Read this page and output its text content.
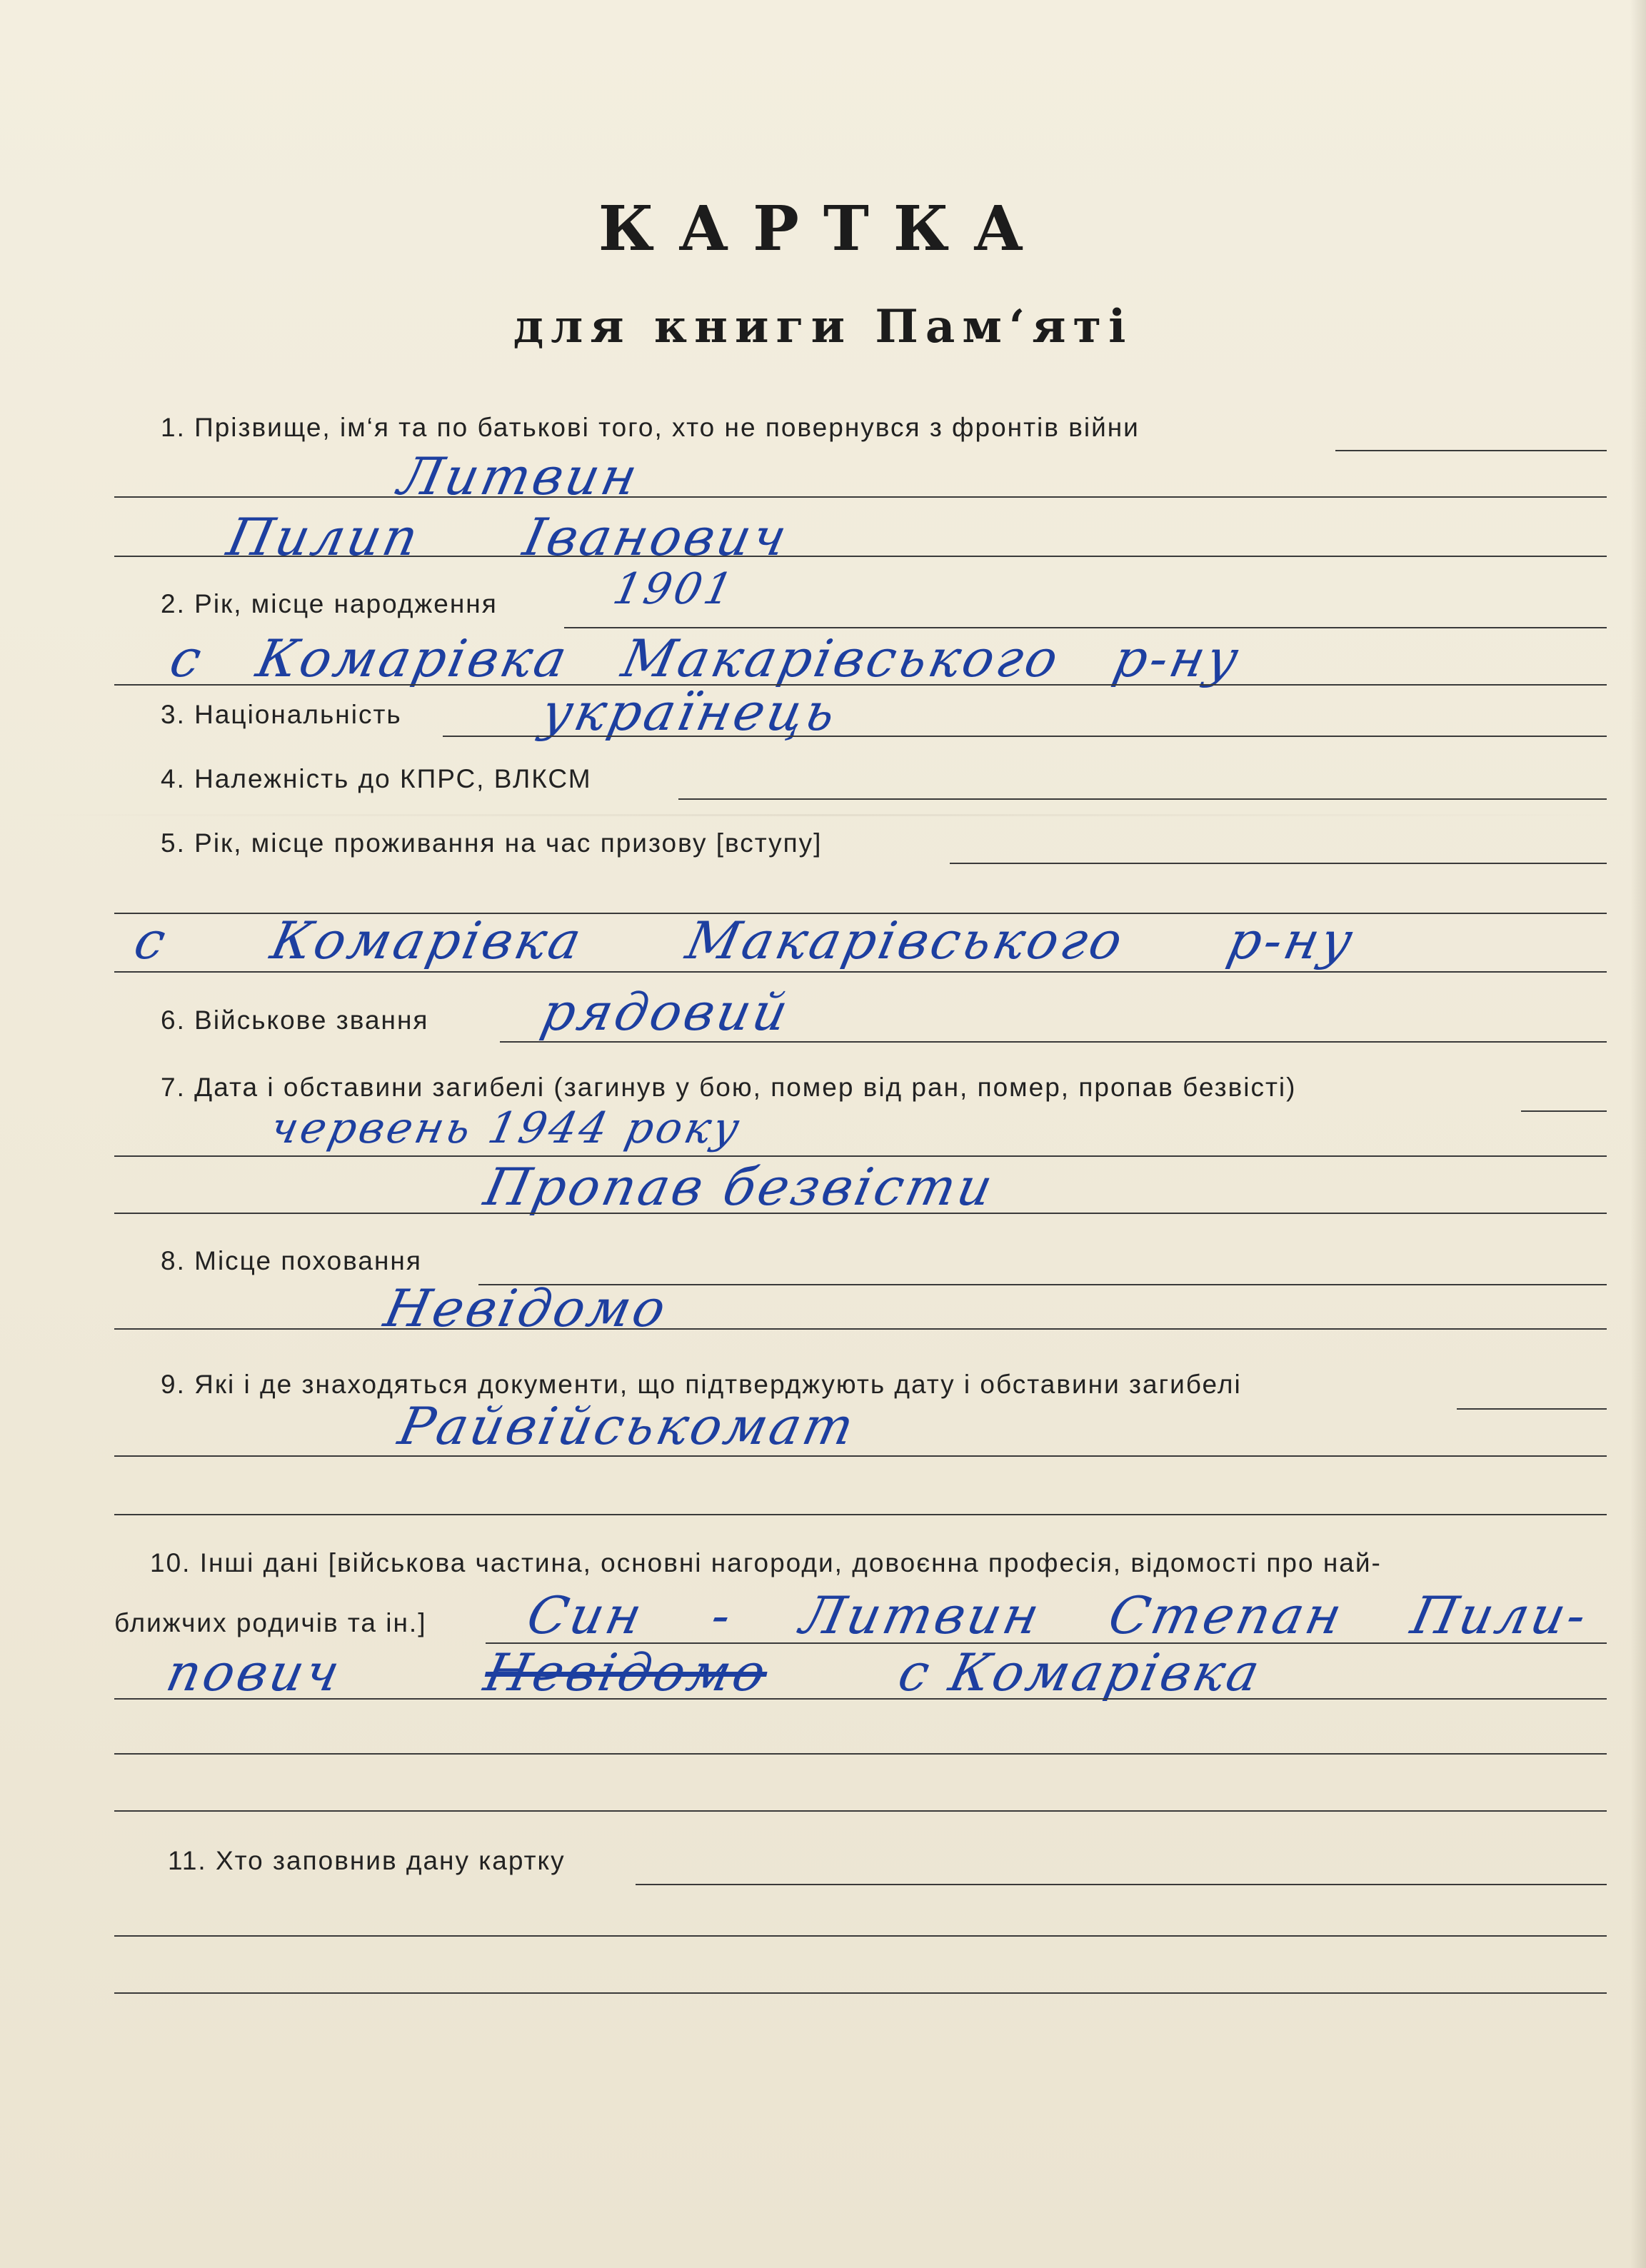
КАРТКА
для книги Пам‘яті
1. Прізвище, ім‘я та по батькові того, хто не повернувся з фронтів війни
Литвин
Пилип Іванович
2. Рік, місце народження	1901
с Комарівка Макарівського р-ну
3. Національність	українець
4. Належність до КПРС, ВЛКСМ
5. Рік, місце проживання на час призову [вступу]
с Комарівка Макарівського р-ну
6. Військове звання рядовий
7. Дата і обставини загибелі (загинув у бою, помер від ран, помер, пропав безвісті)
червень 1944 року
Пропав безвісти
8. Місце поховання
Невідомо
9. Які і де знаходяться документи, що підтверджують дату і обставини загибелі
Райвійськомат
10. Інші дані [військова частина, основні нагороди, довоєнна професія, відомості про най-
ближчих родичів та ін.] Син - Литвин Степан Пили-
пович	Невідомо с Комарівка
11. Хто заповнив дану картку
